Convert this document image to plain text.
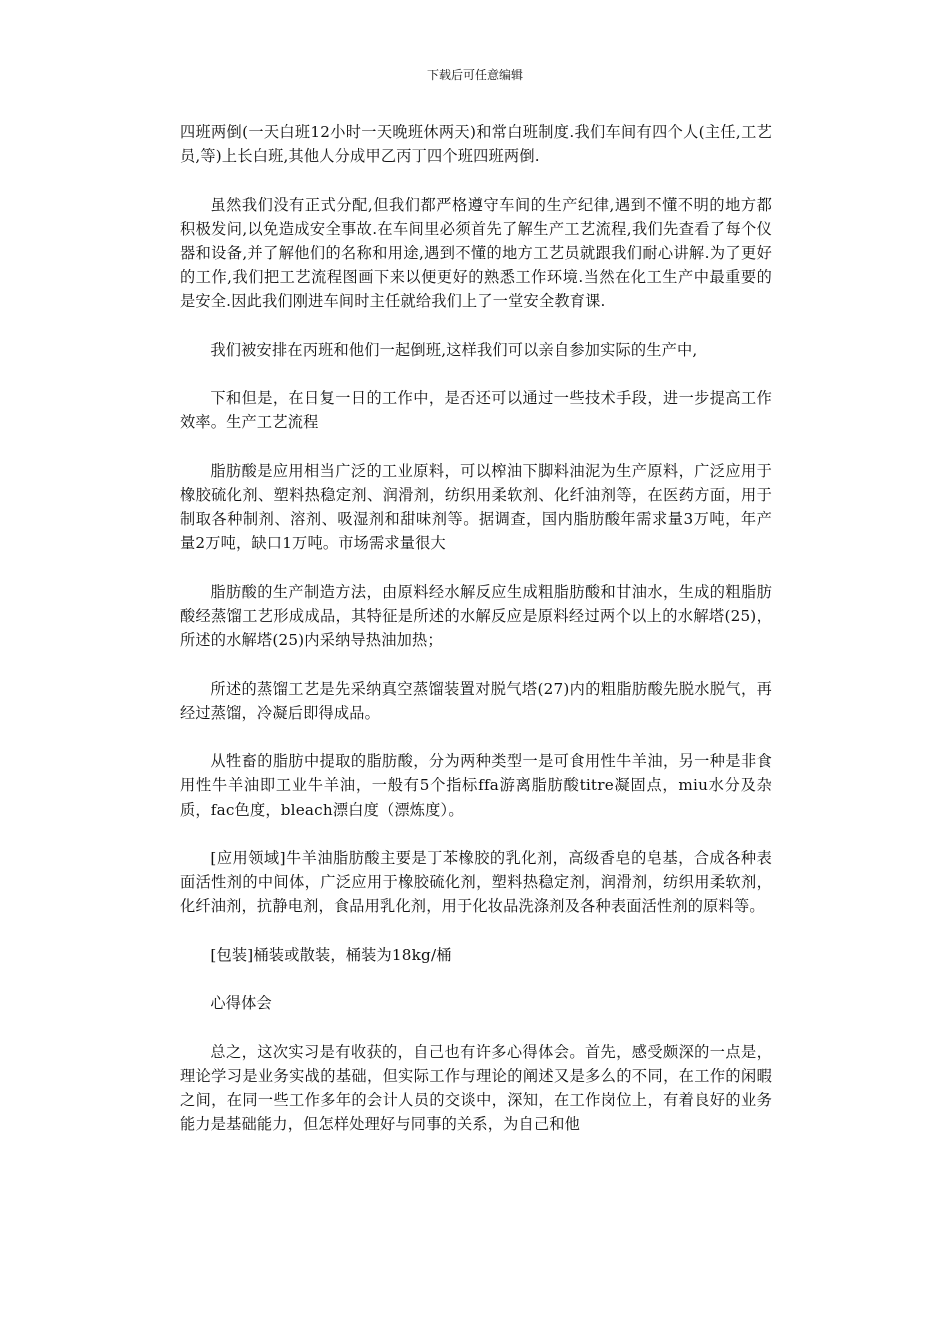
下载后可任意编辑

四班两倒(一天白班12小时一天晚班休两天)和常白班制度.我们车间有四个人(主任,工艺员,等)上长白班,其他人分成甲乙丙丁四个班四班两倒.

虽然我们没有正式分配,但我们都严格遵守车间的生产纪律,遇到不懂不明的地方都积极发问,以免造成安全事故.在车间里必须首先了解生产工艺流程,我们先查看了每个仪器和设备,并了解他们的名称和用途,遇到不懂的地方工艺员就跟我们耐心讲解.为了更好的工作,我们把工艺流程图画下来以便更好的熟悉工作环境.当然在化工生产中最重要的是安全.因此我们刚进车间时主任就给我们上了一堂安全教育课.

我们被安排在丙班和他们一起倒班,这样我们可以亲自参加实际的生产中,

下和但是，在日复一日的工作中，是否还可以通过一些技术手段，进一步提高工作效率。生产工艺流程

脂肪酸是应用相当广泛的工业原料，可以榨油下脚料油泥为生产原料，广泛应用于橡胶硫化剂、塑料热稳定剂、润滑剂，纺织用柔软剂、化纤油剂等，在医药方面，用于制取各种制剂、溶剂、吸湿剂和甜味剂等。据调查，国内脂肪酸年需求量3万吨，年产量2万吨，缺口1万吨。市场需求量很大

脂肪酸的生产制造方法，由原料经水解反应生成粗脂肪酸和甘油水，生成的粗脂肪酸经蒸馏工艺形成成品，其特征是所述的水解反应是原料经过两个以上的水解塔(25)，所述的水解塔(25)内采纳导热油加热；

所述的蒸馏工艺是先采纳真空蒸馏装置对脱气塔(27)内的粗脂肪酸先脱水脱气，再经过蒸馏，冷凝后即得成品。

从牲畜的脂肪中提取的脂肪酸，分为两种类型一是可食用性牛羊油，另一种是非食用性牛羊油即工业牛羊油，一般有5个指标ffa游离脂肪酸titre凝固点，miu水分及杂质，fac色度，bleach漂白度（漂炼度）。

[应用领域]牛羊油脂肪酸主要是丁苯橡胶的乳化剂，高级香皂的皂基，合成各种表面活性剂的中间体，广泛应用于橡胶硫化剂，塑料热稳定剂，润滑剂，纺织用柔软剂，化纤油剂，抗静电剂，食品用乳化剂，用于化妆品洗涤剂及各种表面活性剂的原料等。

[包装]桶装或散装，桶装为18kg/桶

心得体会

总之，这次实习是有收获的，自己也有许多心得体会。首先，感受颇深的一点是，理论学习是业务实战的基础，但实际工作与理论的阐述又是多么的不同，在工作的闲暇之间，在同一些工作多年的会计人员的交谈中，深知，在工作岗位上，有着良好的业务能力是基础能力，但怎样处理好与同事的关系，为自己和他
